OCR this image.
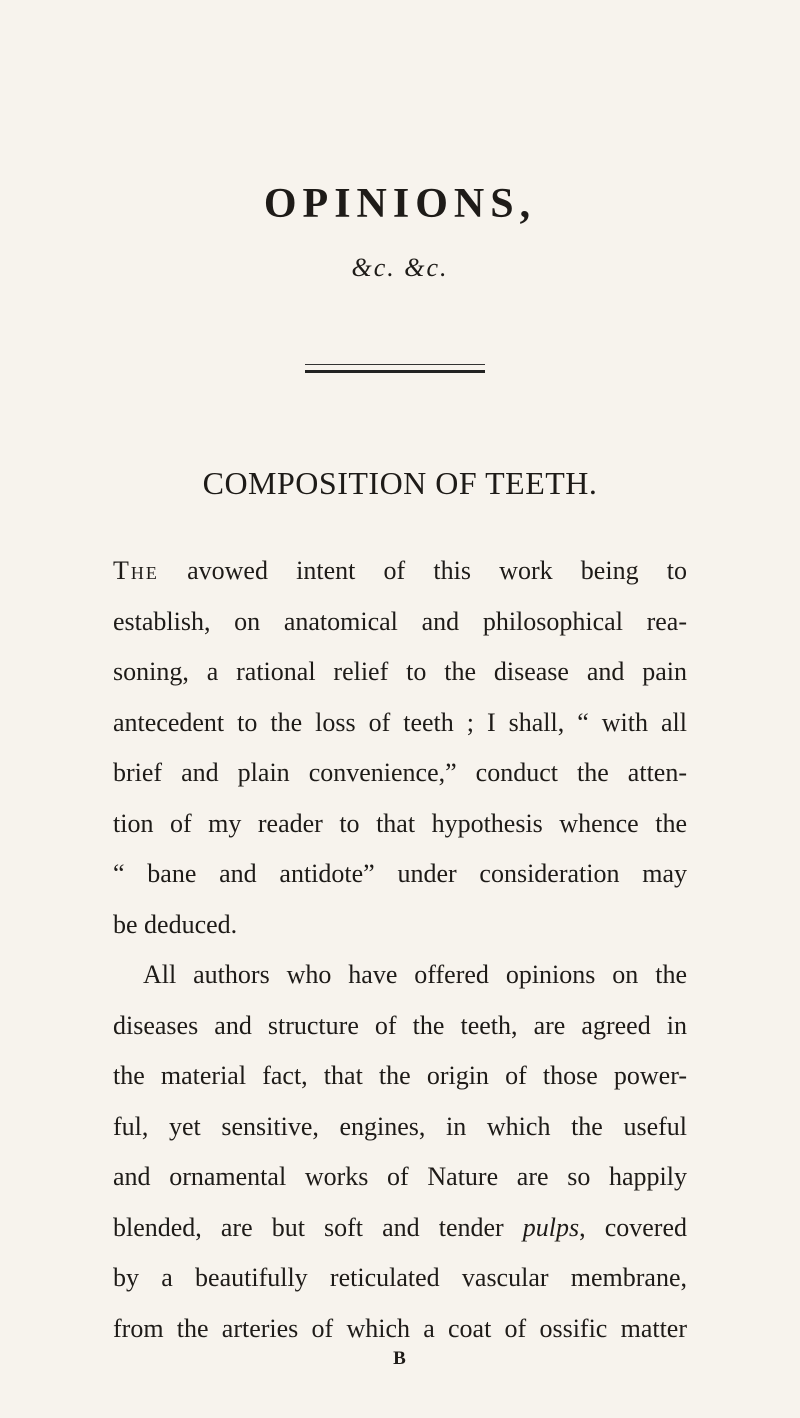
OPINIONS,
&c. &c.
COMPOSITION OF TEETH.
The avowed intent of this work being to
establish, on anatomical and philosophical rea-
soning, a rational relief to the disease and pain
antecedent to the loss of teeth ; I shall, “ with all
brief and plain convenience,” conduct the atten-
tion of my reader to that hypothesis whence the
“ bane and antidote” under consideration may
be deduced.
All authors who have offered opinions on the
diseases and structure of the teeth, are agreed in
the material fact, that the origin of those power-
ful, yet sensitive, engines, in which the useful
and ornamental works of Nature are so happily
blended, are but soft and tender pulps, covered
by a beautifully reticulated vascular membrane,
from the arteries of which a coat of ossific matter
B
